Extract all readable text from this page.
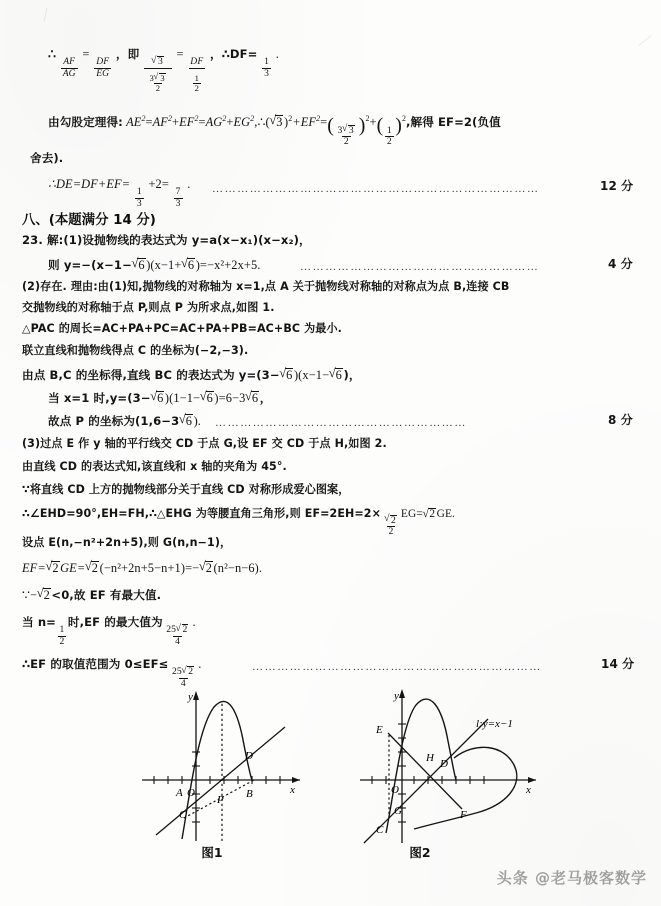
∴
$\frac{AF}{AG}$
=
$\frac{DF}{EG}$
，即
√ $\frac{3}{\frac{3 √ 3}{2}}$
=
$\frac{DF}{\frac{1}{2}}$
，∴DF=
$\frac{1}{3}$
.
由勾股定理得: $AE^2=AF^2+EF^2=AG^2+EG^2,\therefore$( √ 3 )$^2+EF^2=( \frac{3 √ 3}{2} )^2+( \frac{1}{2} )^2$,解得 EF=2(负值
舍去).
∴DE=DF+EF=
$\frac{1}{3}$
+2=
$\frac{7}{3}$
. ……………………………………………………………………	12 分
八、(本题满分 14 分)
23. 解:(1)设抛物线的表达式为 y=a(x−x₁)(x−x₂)，
则 y=−(x−1− √ 6 )(x−1+ √ 6 )=−x²+2x+5.	…………………………………………………	4 分
(2)存在. 理由:由(1)知,抛物线的对称轴为 x=1,点 A 关于抛物线对称轴的对称点为点 B,连接 CB
交抛物线的对称轴于点 P,则点 P 为所求点,如图 1.
△PAC 的周长=AC+PA+PC=AC+PA+PB=AC+BC 为最小.
联立直线和抛物线得点 C 的坐标为(−2,−3).
由点 B,C 的坐标得,直线 BC 的表达式为 y=(3− √ 6 )(x−1− √ 6 )，
当 x=1 时,y=(3− √ 6 )(1−1− √ 6 )=6−3 √ 6 ，
故点 P 的坐标为(1,6−3 √ 6 ). ……………………………………………………	8 分
(3)过点 E 作 y 轴的平行线交 CD 于点 G,设 EF 交 CD 于点 H,如图 2.
由直线 CD 的表达式知,该直线和 x 轴的夹角为 45°.
∵将直线 CD 上方的抛物线部分关于直线 CD 对称形成爱心图案，
∴∠EHD=90°,EH=FH,∴△EHG 为等腰直角三角形,则 EF=2EH=2×
√ $\frac{2}{2}$
EG= √ 2 GE.
设点 E(n,−n²+2n+5),则 G(n,n−1)，
EF= √ 2 GE= √ 2 (−n²+2n+5−n+1)=− √ 2 (n²−n−6).
∵− √ 2 <0,故 EF 有最大值.
当 n=
$\frac{1}{2}$
时,EF 的最大值为
$\frac{25 √ 2}{4}$
.
∴EF 的取值范围为 0≤EF≤
$\frac{25 √ 2}{4}$
.	……………………………………………………………	14 分
A O	B
C
D
P
x
y
图1
E
H D
O
G	F
C
x
y
l:y=x−1
图2
头条 @老马极客数学
